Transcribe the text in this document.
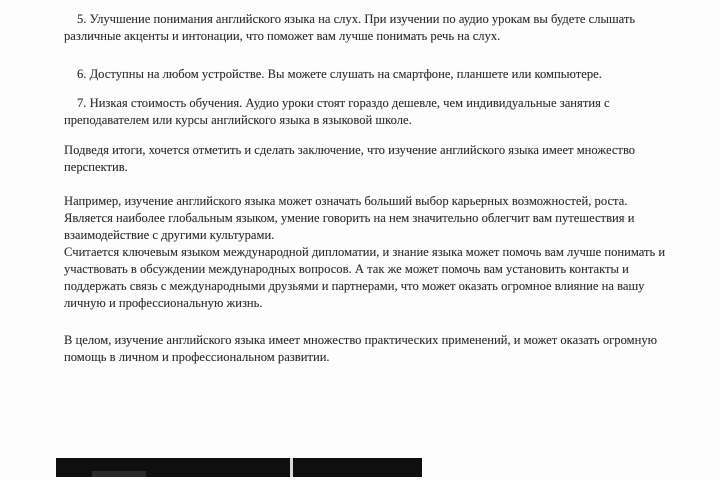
5. Улучшение понимания английского языка на слух. При изучении по аудио урокам вы будете слышать различные акценты и интонации, что поможет вам лучше понимать речь на слух.

6. Доступны на любом устройстве. Вы можете слушать на смартфоне, планшете или компьютере.

7. Низкая стоимость обучения. Аудио уроки стоят гораздо дешевле, чем индивидуальные занятия с преподавателем или курсы английского языка в языковой школе.

Подведя итоги, хочется отметить и сделать заключение, что изучение английского языка имеет множество перспектив.

Например, изучение английского языка может означать больший выбор карьерных возможностей, роста.

Является наиболее глобальным языком, умение говорить на нем значительно облегчит вам путешествия и взаимодействие с другими культурами.

Считается ключевым языком международной дипломатии, и знание языка может помочь вам лучше понимать и участвовать в обсуждении международных вопросов. А так же может помочь вам установить контакты и поддержать связь с международными друзьями и партнерами, что может оказать огромное влияние на вашу личную и профессиональную жизнь.

В целом, изучение английского языка имеет множество практических применений, и может оказать огромную помощь в личном и профессиональном развитии.
